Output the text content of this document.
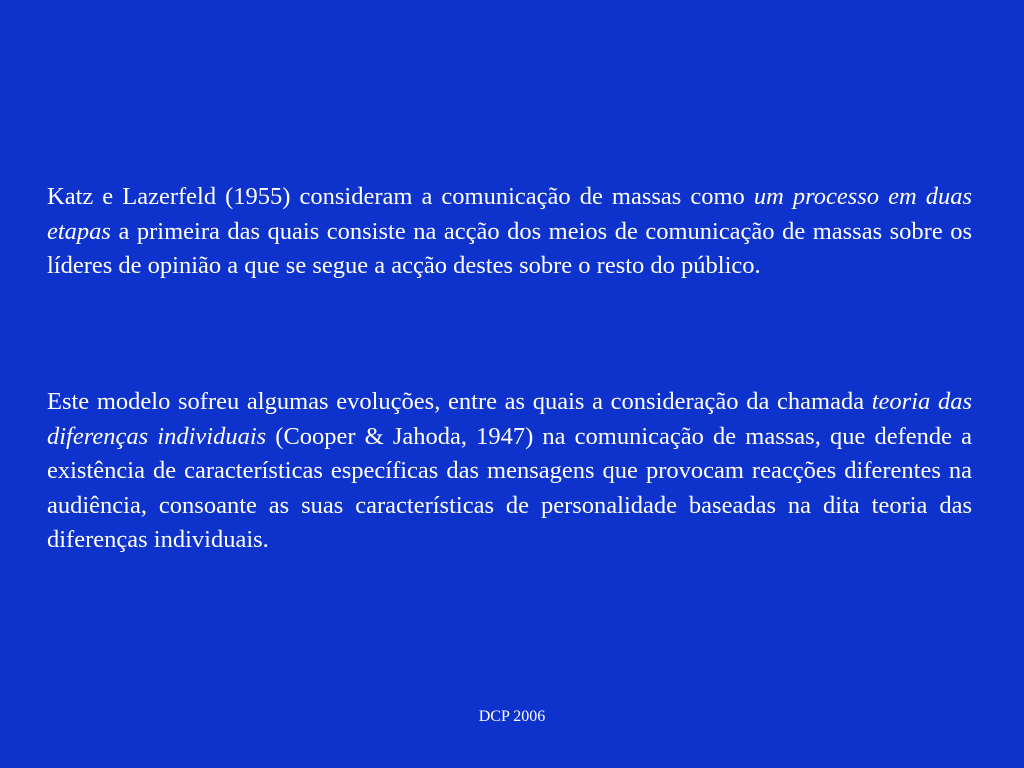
Katz e Lazerfeld (1955) consideram a comunicação de massas como um processo em duas etapas a primeira das quais consiste na acção dos meios de comunicação de massas sobre os líderes de opinião a que se segue a acção destes sobre o resto do público.

Este modelo sofreu algumas evoluções, entre as quais a consideração da chamada teoria das diferenças individuais (Cooper & Jahoda, 1947) na comunicação de massas, que defende a existência de características específicas das mensagens que provocam reacções diferentes na audiência, consoante as suas características de personalidade baseadas na dita teoria das diferenças individuais.

DCP 2006
